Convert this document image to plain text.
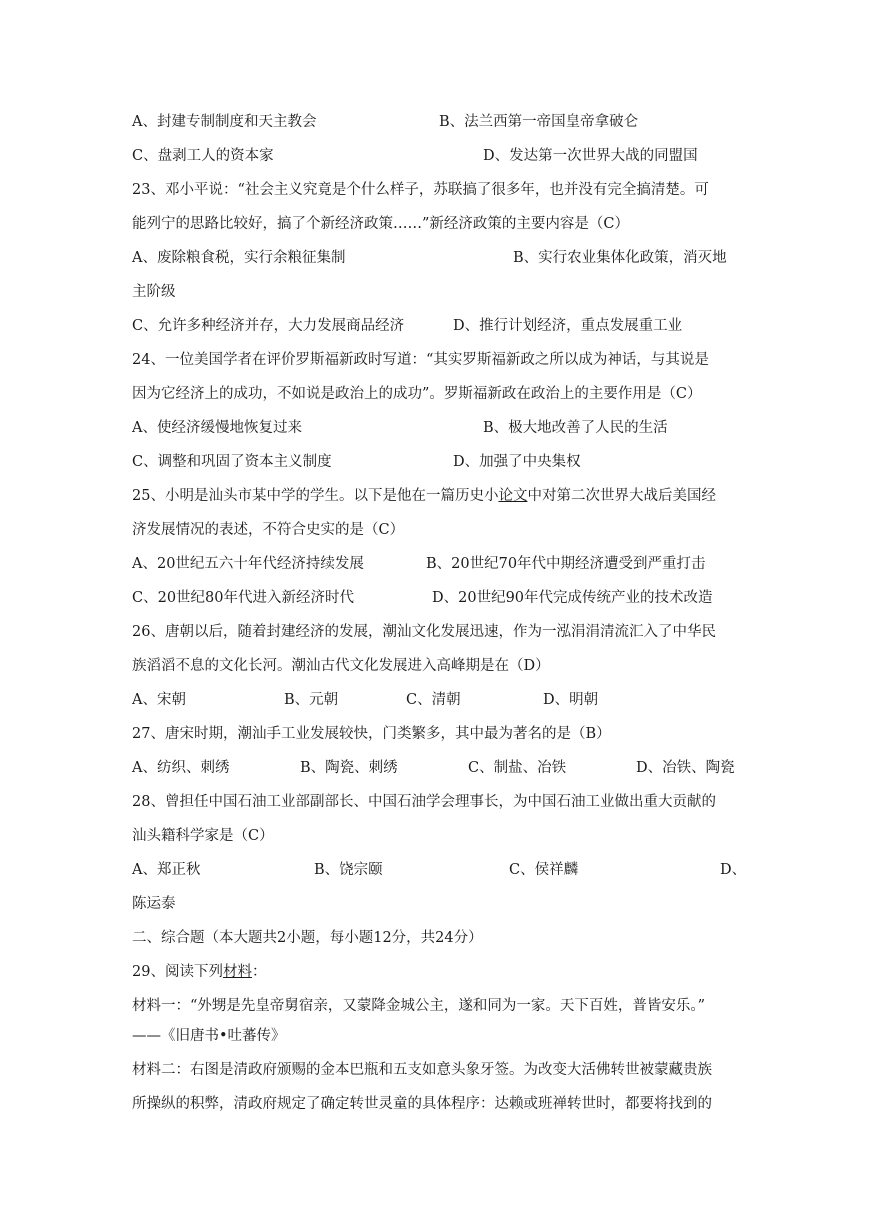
A、封建专制制度和天主教会	B、法兰西第一帝国皇帝拿破仑
C、盘剥工人的资本家	D、发达第一次世界大战的同盟国
23、邓小平说：“社会主义究竟是个什么样子，苏联搞了很多年，也并没有完全搞清楚。可
能列宁的思路比较好，搞了个新经济政策……”新经济政策的主要内容是（C）
A、废除粮食税，实行余粮征集制	B、实行农业集体化政策，消灭地
主阶级
C、允许多种经济并存，大力发展商品经济	D、推行计划经济，重点发展重工业
24、一位美国学者在评价罗斯福新政时写道：“其实罗斯福新政之所以成为神话，与其说是
因为它经济上的成功，不如说是政治上的成功”。罗斯福新政在政治上的主要作用是（C）
A、使经济缓慢地恢复过来	B、极大地改善了人民的生活
C、调整和巩固了资本主义制度	D、加强了中央集权
25、小明是汕头市某中学的学生。以下是他在一篇历史小论文中对第二次世界大战后美国经
济发展情况的表述，不符合史实的是（C）
A、20世纪五六十年代经济持续发展	B、20世纪70年代中期经济遭受到严重打击
C、20世纪80年代进入新经济时代	D、20世纪90年代完成传统产业的技术改造
26、唐朝以后，随着封建经济的发展，潮汕文化发展迅速，作为一泓涓涓清流汇入了中华民
族滔滔不息的文化长河。潮汕古代文化发展进入高峰期是在（D）
A、宋朝	B、元朝	C、清朝	D、明朝
27、唐宋时期，潮汕手工业发展较快，门类繁多，其中最为著名的是（B）
A、纺织、刺绣	B、陶瓷、刺绣	C、制盐、冶铁	D、冶铁、陶瓷
28、曾担任中国石油工业部副部长、中国石油学会理事长，为中国石油工业做出重大贡献的
汕头籍科学家是（C）
A、郑正秋	B、饶宗颐	C、侯祥麟	D、
陈运泰
二、综合题（本大题共2小题，每小题12分，共24分）
29、阅读下列材料：
材料一：“外甥是先皇帝舅宿亲，又蒙降金城公主，遂和同为一家。天下百姓，普皆安乐。”
——《旧唐书•吐蕃传》
材料二：右图是清政府颁赐的金本巴瓶和五支如意头象牙签。为改变大活佛转世被蒙藏贵族
所操纵的积弊，清政府规定了确定转世灵童的具体程序：达赖或班禅转世时，都要将找到的
